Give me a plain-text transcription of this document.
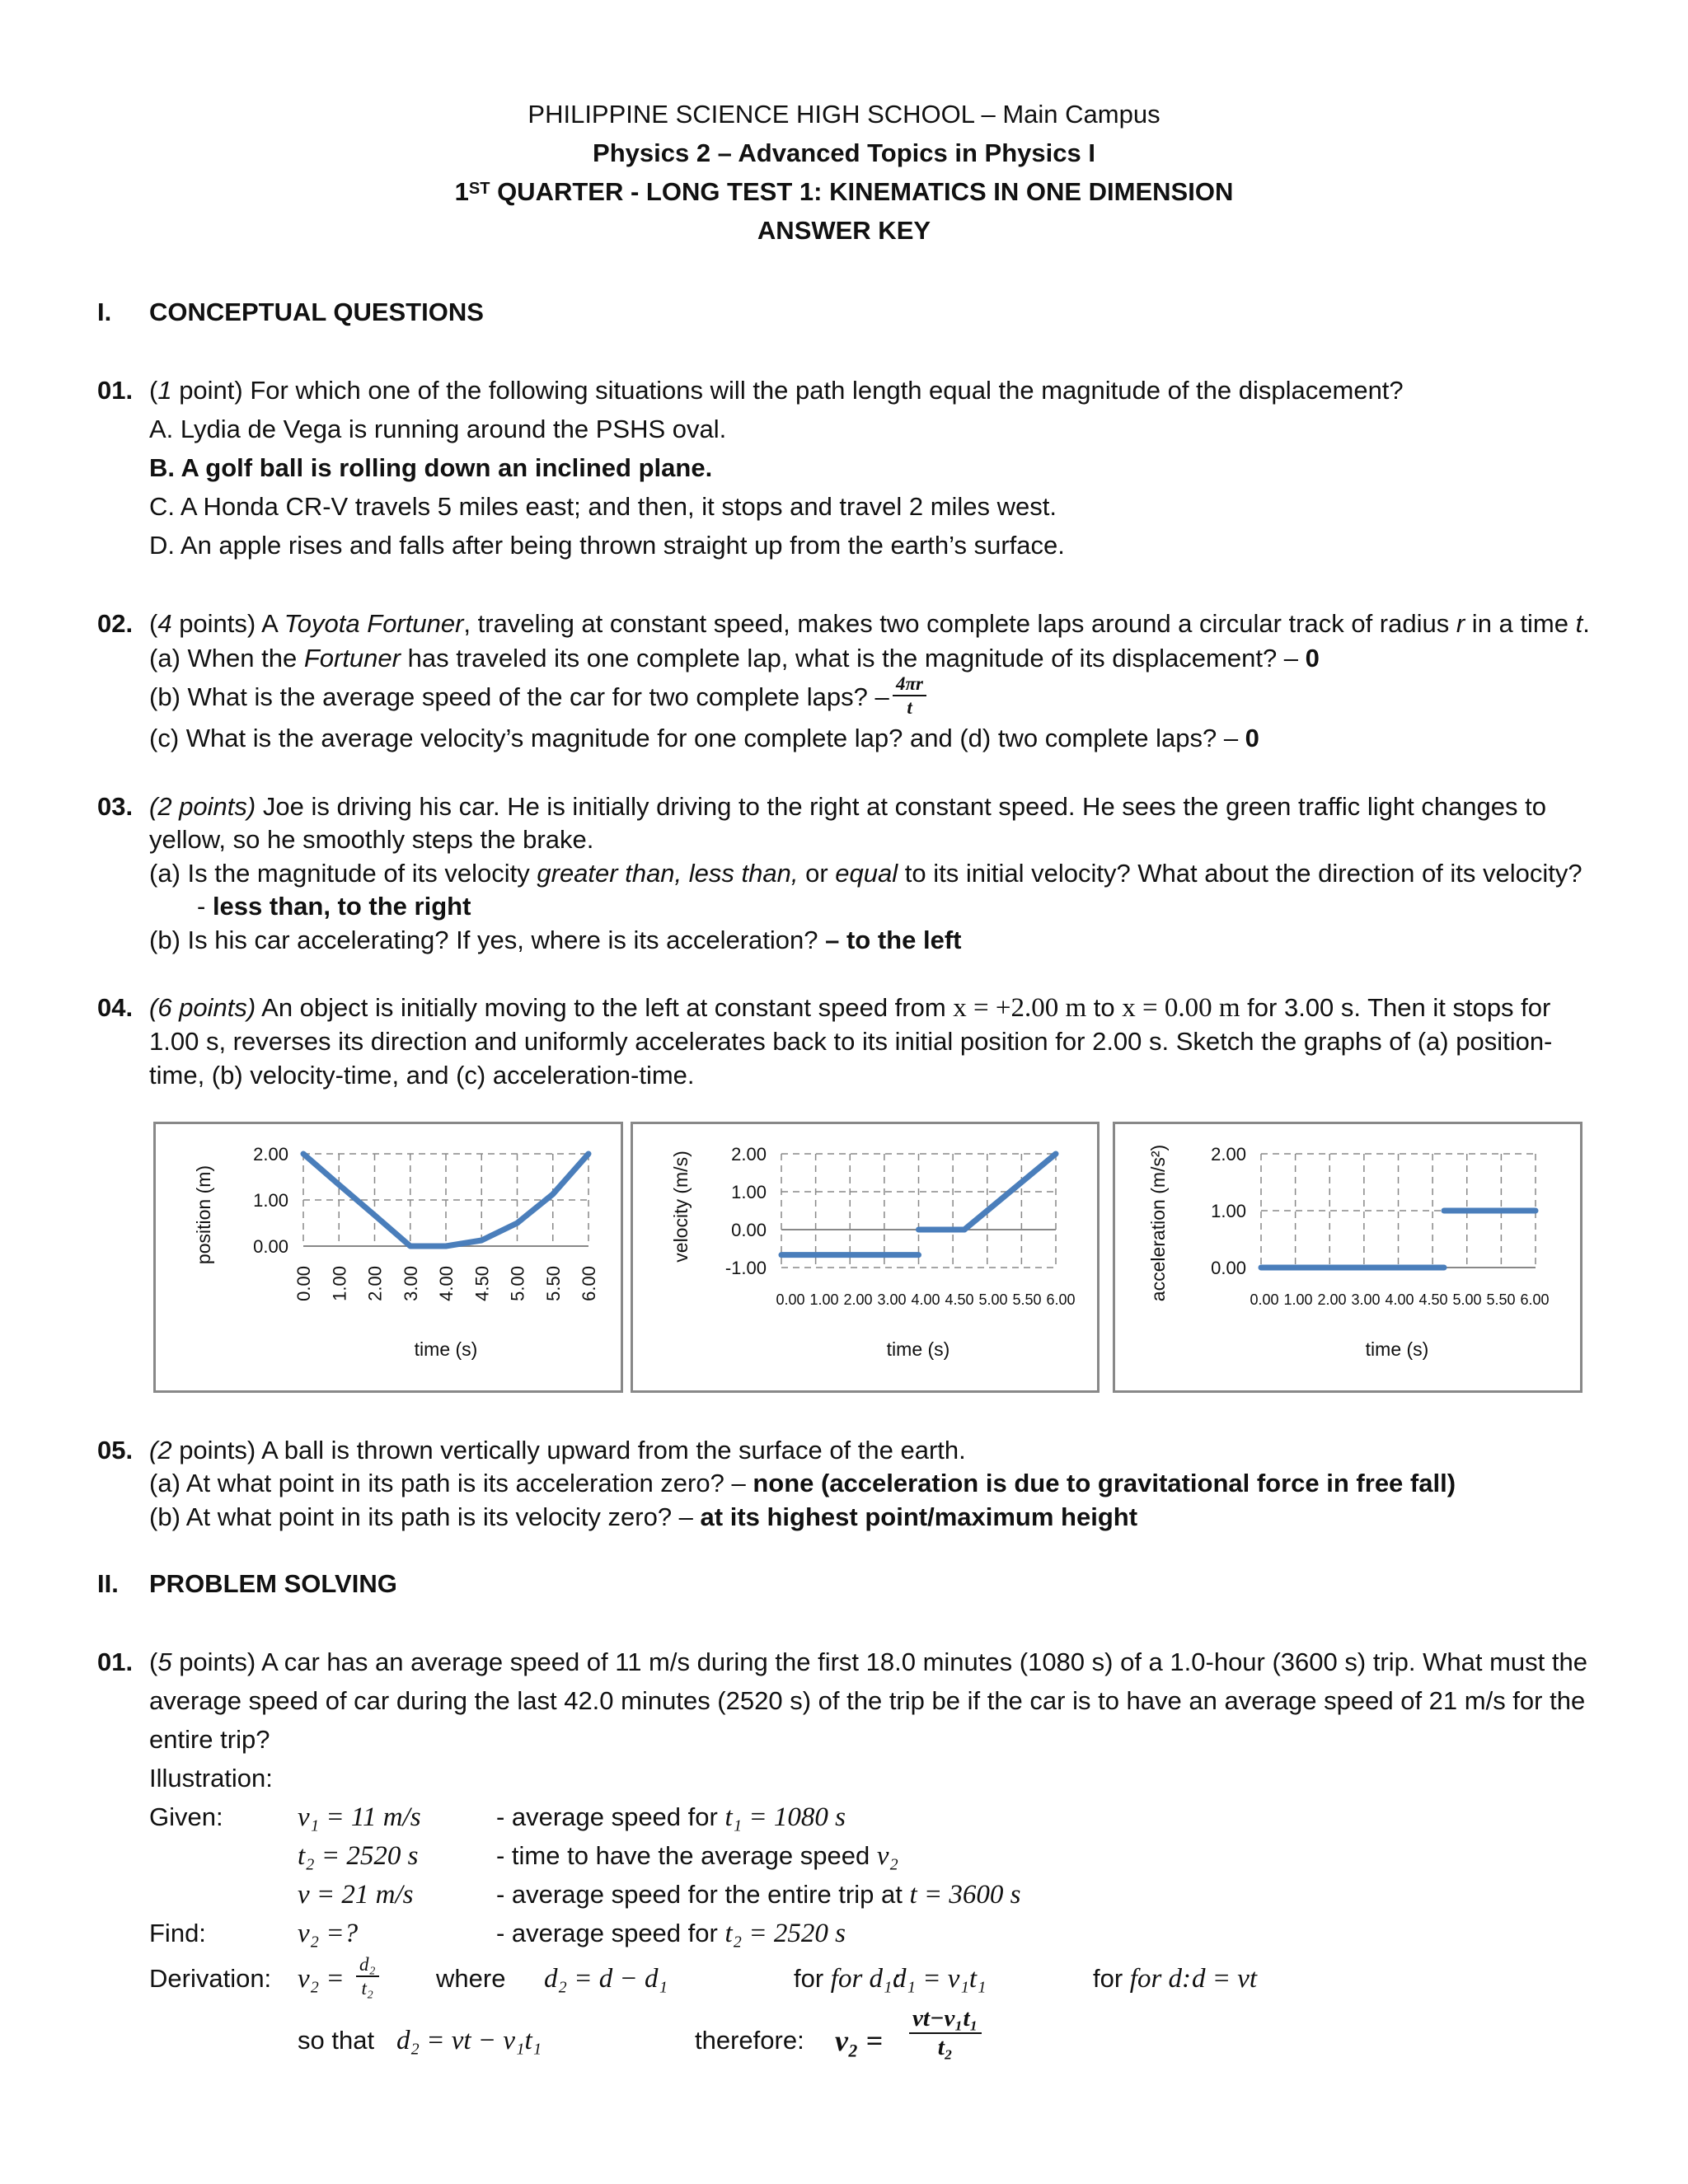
PHILIPPINE SCIENCE HIGH SCHOOL – Main Campus
Physics 2 – Advanced Topics in Physics I
1ST QUARTER - LONG TEST 1: KINEMATICS IN ONE DIMENSION
ANSWER KEY
I. CONCEPTUAL QUESTIONS
01. (1 point) For which one of the following situations will the path length equal the magnitude of the displacement?
A. Lydia de Vega is running around the PSHS oval.
B. A golf ball is rolling down an inclined plane.
C. A Honda CR-V travels 5 miles east; and then, it stops and travel 2 miles west.
D. An apple rises and falls after being thrown straight up from the earth’s surface.
02. (4 points) A Toyota Fortuner, traveling at constant speed, makes two complete laps around a circular track of radius r in a time t.
(a) When the Fortuner has traveled its one complete lap, what is the magnitude of its displacement? – 0
(b) What is the average speed of the car for two complete laps? – $\frac{4\pi r}{t}$
(c) What is the average velocity’s magnitude for one complete lap? and (d) two complete laps? – 0
03. (2 points) Joe is driving his car. He is initially driving to the right at constant speed. He sees the green traffic light changes to
yellow, so he smoothly steps the brake.
(a) Is the magnitude of its velocity greater than, less than, or equal to its initial velocity? What about the direction of its velocity?
- less than, to the right
(b) Is his car accelerating? If yes, where is its acceleration? – to the left
04. (6 points) An object is initially moving to the left at constant speed from x = +2.00 m to x = 0.00 m for 3.00 s. Then it stops for
1.00 s, reverses its direction and uniformly accelerates back to its initial position for 2.00 s. Sketch the graphs of (a) position-
time, (b) velocity-time, and (c) acceleration-time.
2.00
1.00
0.00
0.00 1.00 2.00 3.00 4.00 4.50 5.00 5.50 6.00
time (s)
position (m)
2.00
1.00
0.00
-1.00
0.00 1.00 2.00 3.00 4.00 4.50 5.00 5.50 6.00
time (s)
velocity (m/s)	2.00
1.00
0.00
0.00 1.00 2.00 3.00 4.00 4.50 5.00 5.50 6.00
time (s)
acceleration (m/s²)
05. (2 points) A ball is thrown vertically upward from the surface of the earth.
(a) At what point in its path is its acceleration zero? – none (acceleration is due to gravitational force in free fall)
(b) At what point in its path is its velocity zero? – at its highest point/maximum height
II. PROBLEM SOLVING
01. (5 points) A car has an average speed of 11 m/s during the first 18.0 minutes (1080 s) of a 1.0-hour (3600 s) trip. What must the
average speed of car during the last 42.0 minutes (2520 s) of the trip be if the car is to have an average speed of 21 m/s for the
entire trip?
Illustration:
Given:	v₁ = 11 m/s	- average speed for t₁ = 1080 s
t₂ = 2520 s	- time to have the average speed v₂
v = 21 m/s	- average speed for the entire trip at t = 3600 s
Find:	v₂ =?	- average speed for t₂ = 2520 s
Derivation: $v_2 = \frac{\text{d₂}}{\text{t₂}}$ where d₂ = d − d₁	for for d₁:
d₁ = v₁t₁	for for d: d = vt
so that d₂ = vt − v₁t₁	therefore: $v_2 = \frac{\text{vt−v₁t₁}}{\text{t₂}}$
